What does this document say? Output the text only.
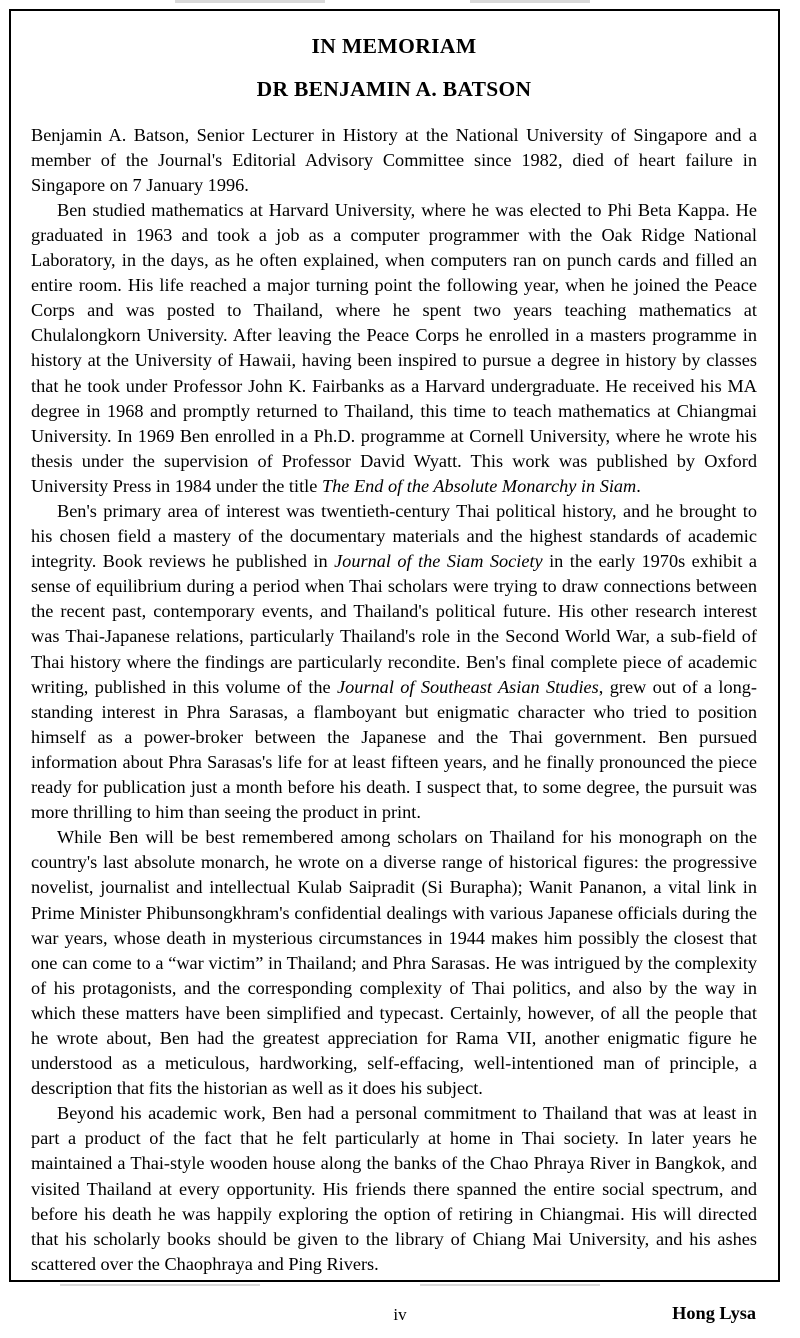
IN MEMORIAM
DR BENJAMIN A. BATSON

Benjamin A. Batson, Senior Lecturer in History at the National University of Singapore and a member of the Journal's Editorial Advisory Committee since 1982, died of heart failure in Singapore on 7 January 1996.

Ben studied mathematics at Harvard University, where he was elected to Phi Beta Kappa. He graduated in 1963 and took a job as a computer programmer with the Oak Ridge National Laboratory, in the days, as he often explained, when computers ran on punch cards and filled an entire room. His life reached a major turning point the following year, when he joined the Peace Corps and was posted to Thailand, where he spent two years teaching mathematics at Chulalongkorn University. After leaving the Peace Corps he enrolled in a masters programme in history at the University of Hawaii, having been inspired to pursue a degree in history by classes that he took under Professor John K. Fairbanks as a Harvard undergraduate. He received his MA degree in 1968 and promptly returned to Thailand, this time to teach mathematics at Chiangmai University. In 1969 Ben enrolled in a Ph.D. programme at Cornell University, where he wrote his thesis under the supervision of Professor David Wyatt. This work was published by Oxford University Press in 1984 under the title The End of the Absolute Monarchy in Siam.

Ben's primary area of interest was twentieth-century Thai political history, and he brought to his chosen field a mastery of the documentary materials and the highest standards of academic integrity. Book reviews he published in Journal of the Siam Society in the early 1970s exhibit a sense of equilibrium during a period when Thai scholars were trying to draw connections between the recent past, contemporary events, and Thailand's political future. His other research interest was Thai-Japanese relations, particularly Thailand's role in the Second World War, a sub-field of Thai history where the findings are particularly recondite. Ben's final complete piece of academic writing, published in this volume of the Journal of Southeast Asian Studies, grew out of a long-standing interest in Phra Sarasas, a flamboyant but enigmatic character who tried to position himself as a power-broker between the Japanese and the Thai government. Ben pursued information about Phra Sarasas's life for at least fifteen years, and he finally pronounced the piece ready for publication just a month before his death. I suspect that, to some degree, the pursuit was more thrilling to him than seeing the product in print.

While Ben will be best remembered among scholars on Thailand for his monograph on the country's last absolute monarch, he wrote on a diverse range of historical figures: the progressive novelist, journalist and intellectual Kulab Saipradit (Si Burapha); Wanit Pananon, a vital link in Prime Minister Phibunsongkhram's confidential dealings with various Japanese officials during the war years, whose death in mysterious circumstances in 1944 makes him possibly the closest that one can come to a “war victim” in Thailand; and Phra Sarasas. He was intrigued by the complexity of his protagonists, and the corresponding complexity of Thai politics, and also by the way in which these matters have been simplified and typecast. Certainly, however, of all the people that he wrote about, Ben had the greatest appreciation for Rama VII, another enigmatic figure he understood as a meticulous, hardworking, self-effacing, well-intentioned man of principle, a description that fits the historian as well as it does his subject.

Beyond his academic work, Ben had a personal commitment to Thailand that was at least in part a product of the fact that he felt particularly at home in Thai society. In later years he maintained a Thai-style wooden house along the banks of the Chao Phraya River in Bangkok, and visited Thailand at every opportunity. His friends there spanned the entire social spectrum, and before his death he was happily exploring the option of retiring in Chiangmai. His will directed that his scholarly books should be given to the library of Chiang Mai University, and his ashes scattered over the Chaophraya and Ping Rivers.

Hong Lysa

iv
